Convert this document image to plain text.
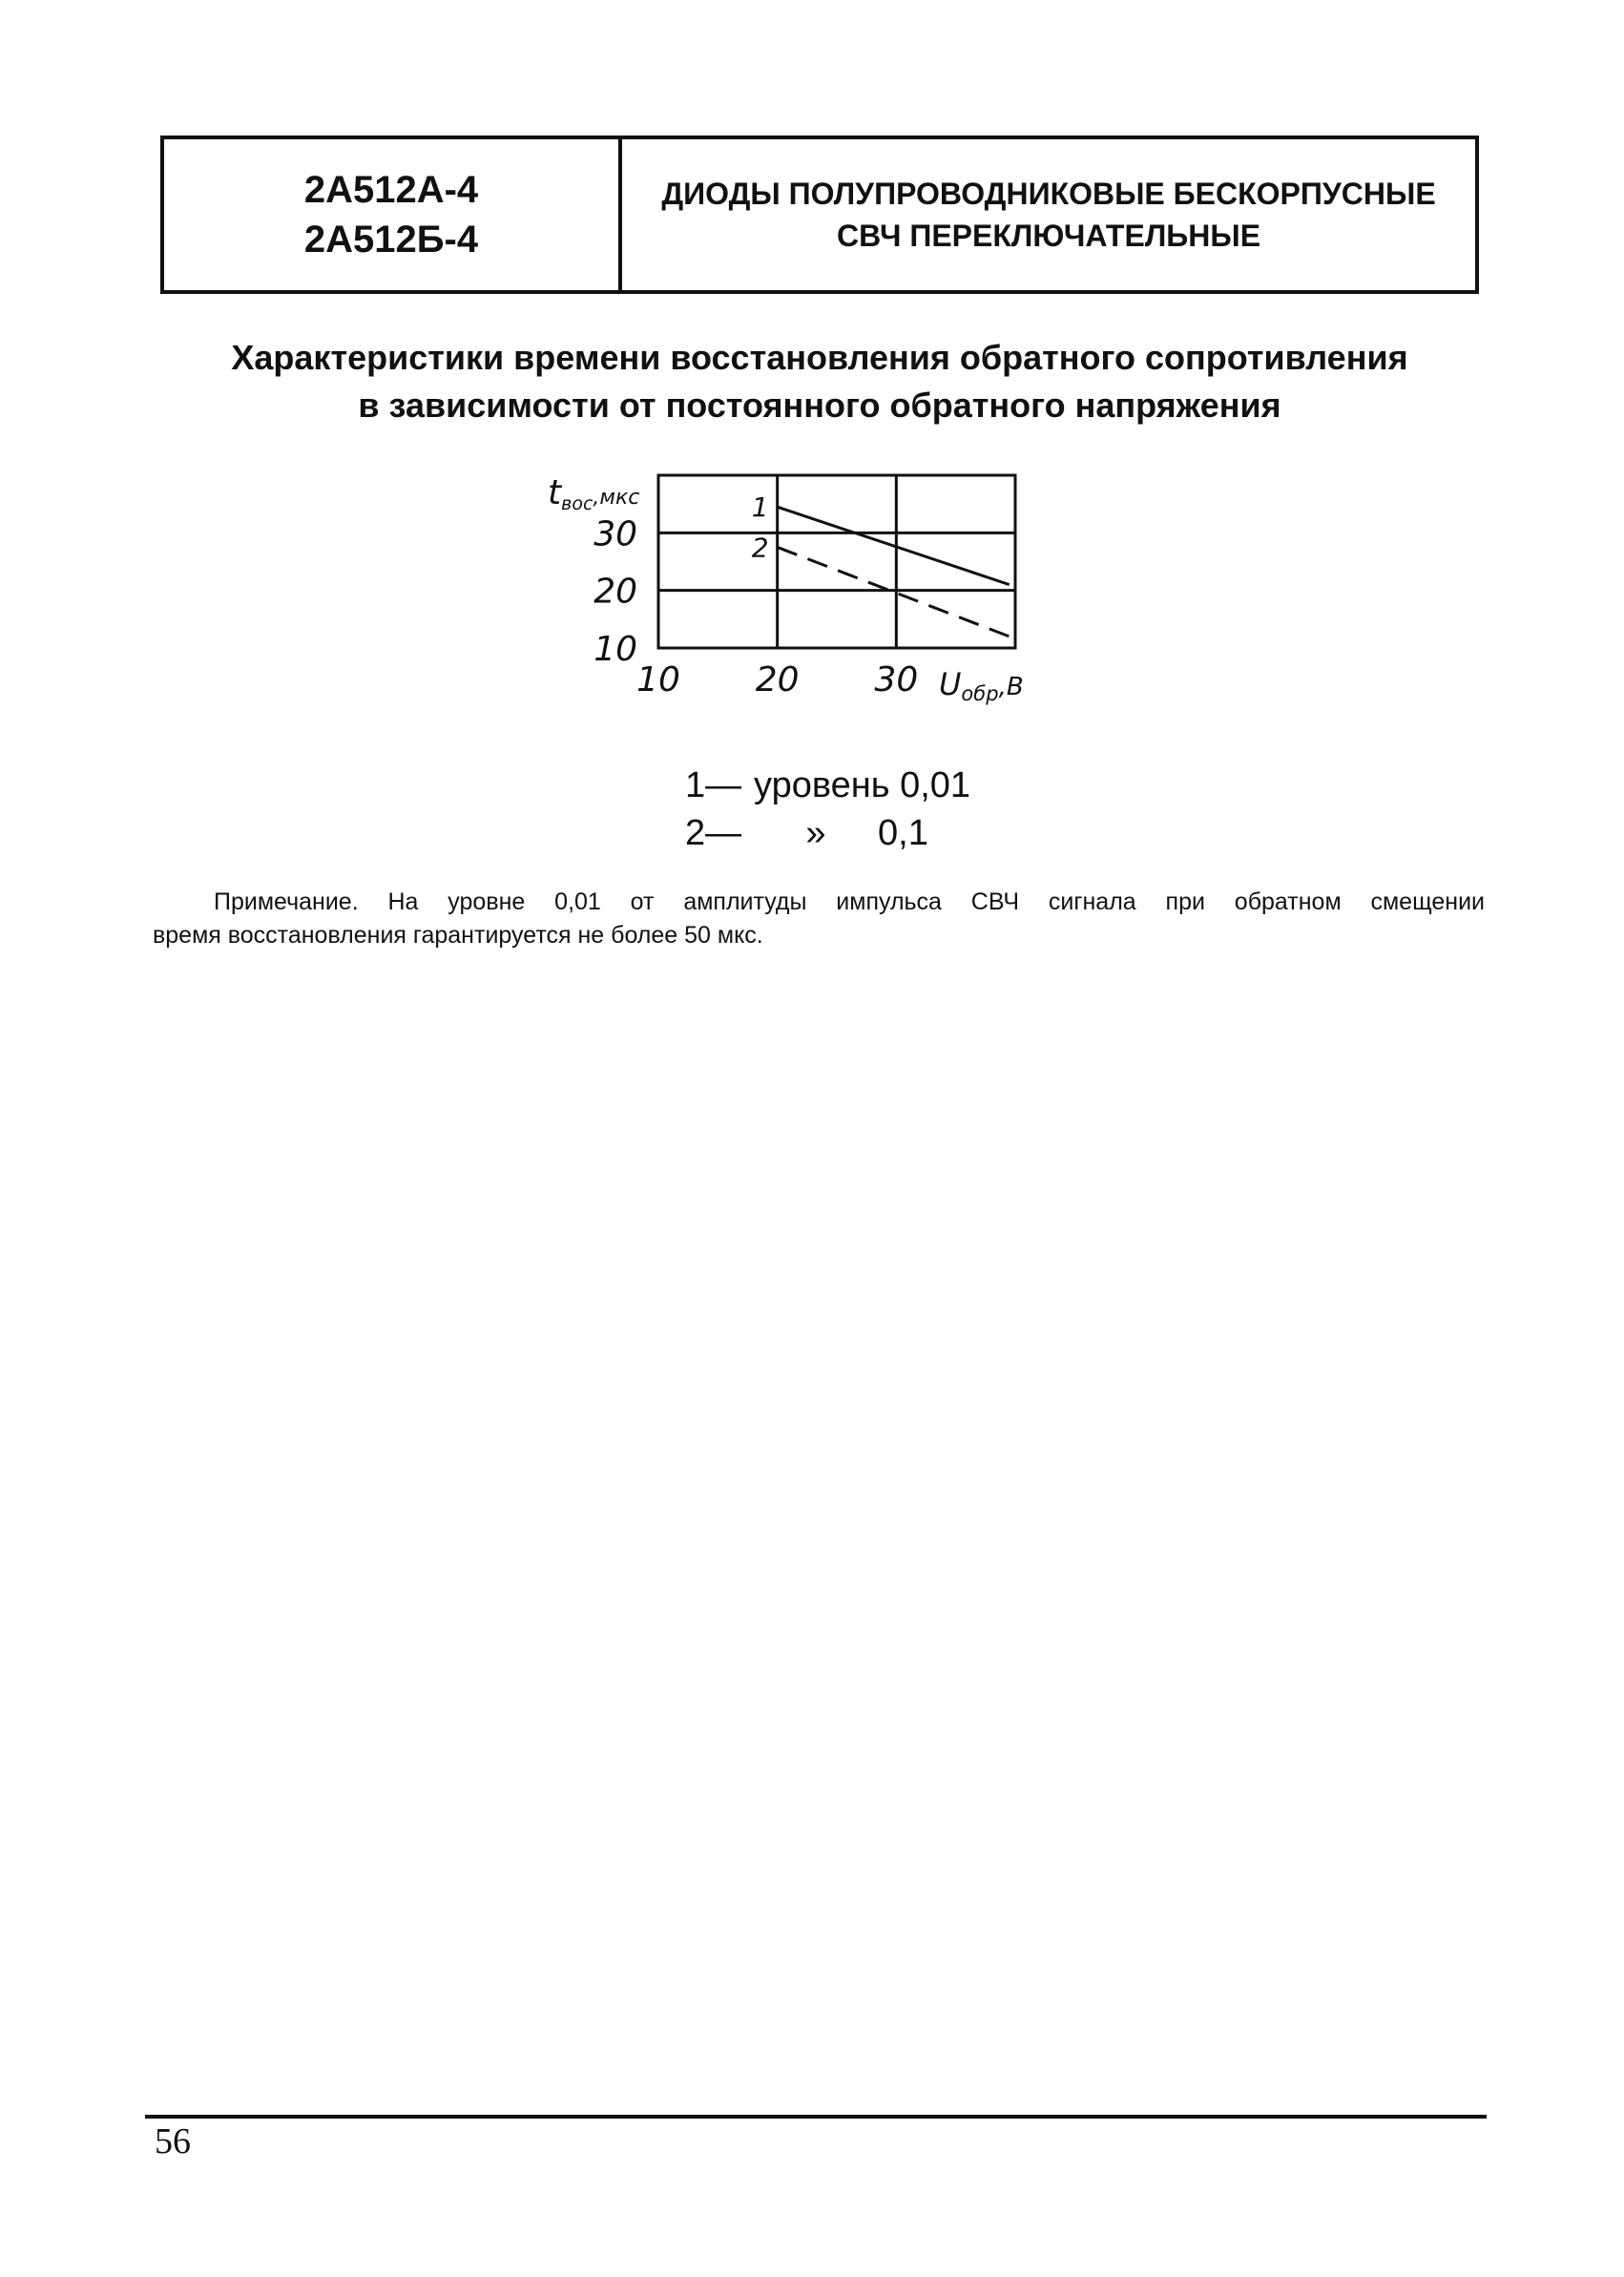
2А512А-4
2А512Б-4
ДИОДЫ ПОЛУПРОВОДНИКОВЫЕ БЕСКОРПУСНЫЕ
СВЧ ПЕРЕКЛЮЧАТЕЛЬНЫЕ
Характеристики времени восстановления обратного сопротивления
в зависимости от постоянного обратного напряжения
10 20 30
10
20
30
1
2
tвос,мкс
Uобр,В
1— уровень 0,01
2—	»	0,1
Примечание. На уровне 0,01 от амплитуды импульса СВЧ сигнала при обратном смещении
время восстановления гарантируется не более 50 мкс.
56
